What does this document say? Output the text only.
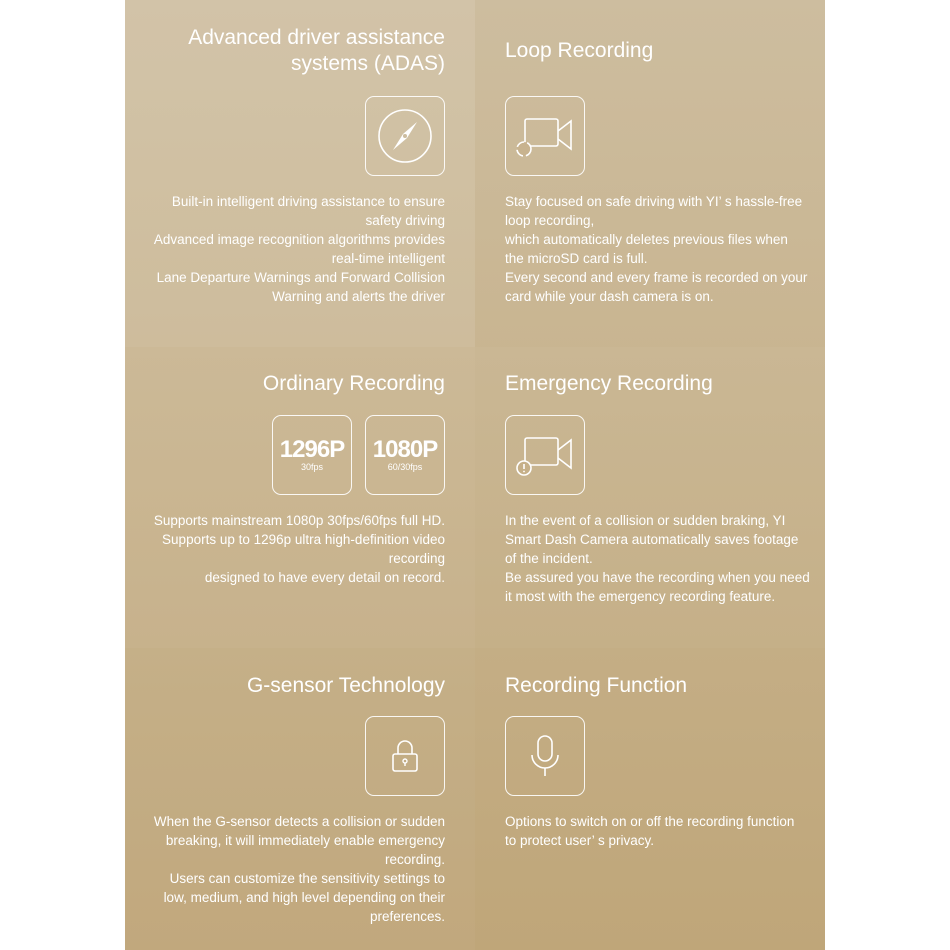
Advanced driver assistance
systems (ADAS)
Built-in intelligent driving assistance to ensure
safety driving
Advanced image recognition algorithms provides
real-time intelligent
Lane Departure Warnings and Forward Collision
Warning and alerts the driver
Loop Recording
Stay focused on safe driving with YI’ s hassle-free
loop recording,
which automatically deletes previous files when
the microSD card is full.
Every second and every frame is recorded on your
card while your dash camera is on.
Ordinary Recording
1296P
30fps
1080P
60/30fps
Supports mainstream 1080p 30fps/60fps full HD.
Supports up to 1296p ultra high-definition video
recording
designed to have every detail on record.
Emergency Recording
In the event of a collision or sudden braking, YI
Smart Dash Camera automatically saves footage
of the incident.
Be assured you have the recording when you need
it most with the emergency recording feature.
G-sensor Technology
When the G-sensor detects a collision or sudden
breaking, it will immediately enable emergency
recording.
Users can customize the sensitivity settings to
low, medium, and high level depending on their
preferences.
Recording Function
Options to switch on or off the recording function
to protect user’ s privacy.
